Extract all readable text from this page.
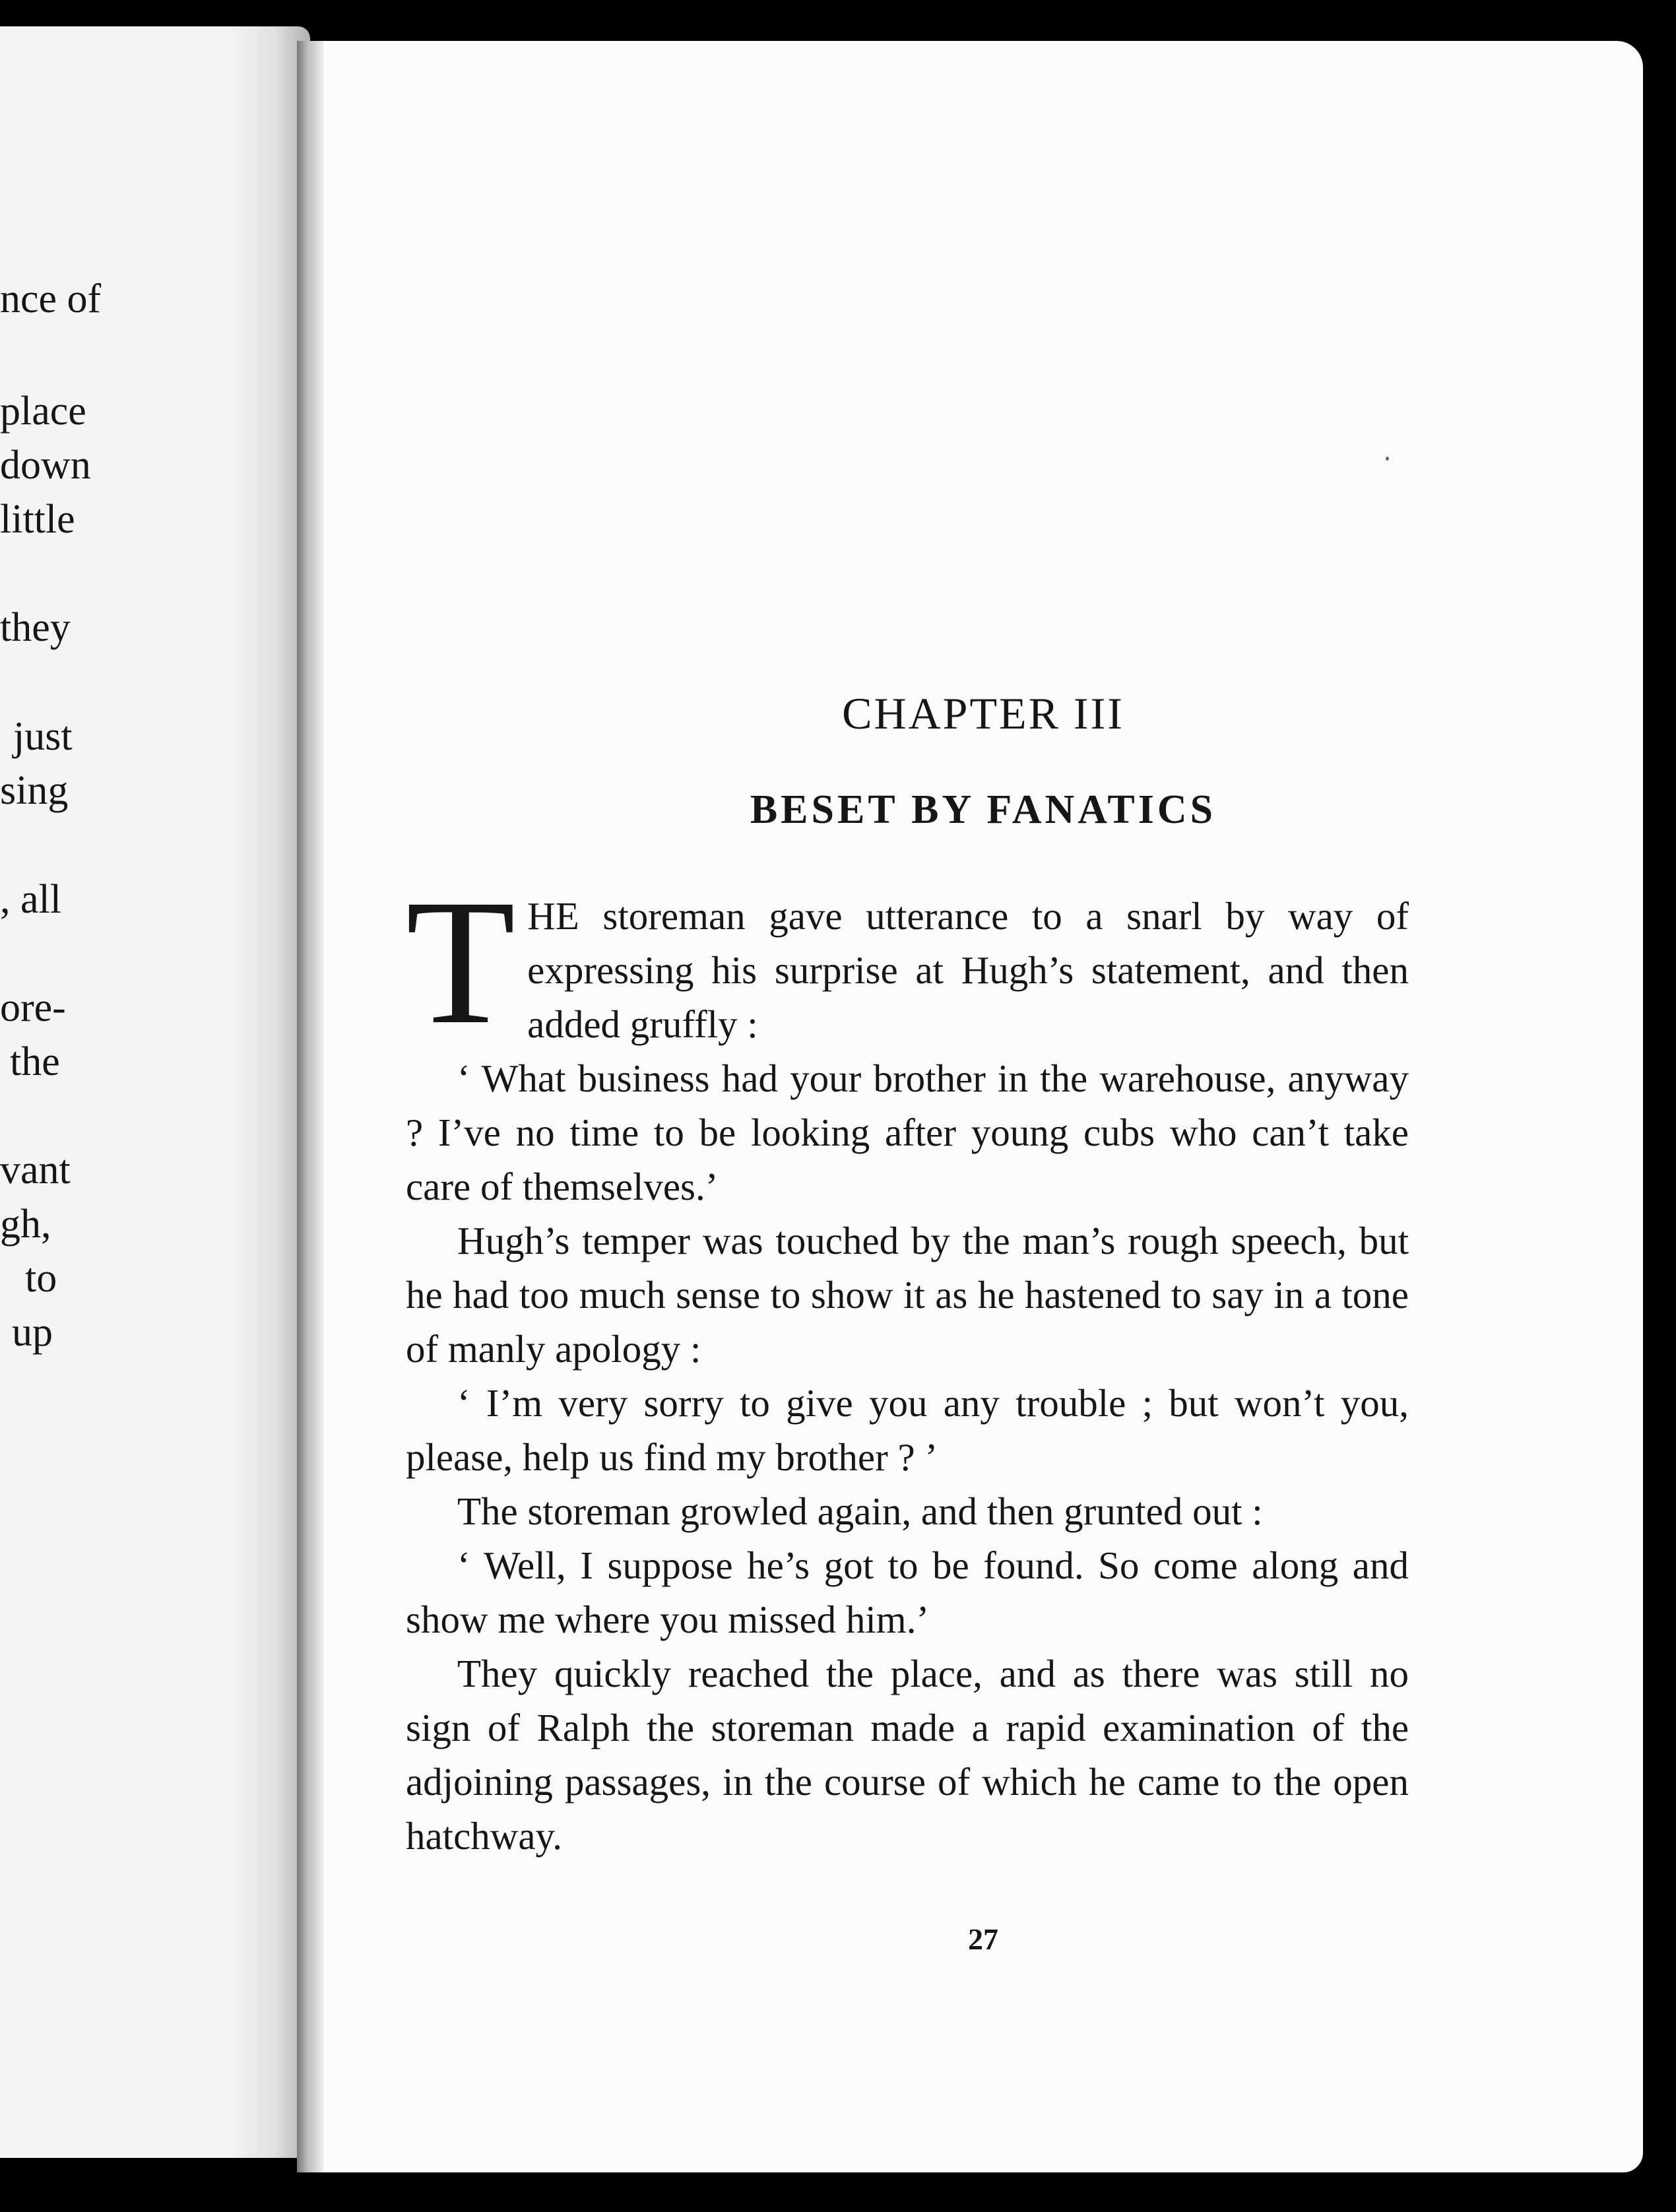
nce of
place
down
little
they
just
sing
, all
ore-
the
vant
gh,
to
up
CHAPTER III
BESET BY FANATICS

T HE storeman gave utterance to a snarl by way of expressing his surprise at Hugh’s statement, and then added gruffly :

‘ What business had your brother in the warehouse, anyway ? I’ve no time to be looking after young cubs who can’t take care of themselves.’

Hugh’s temper was touched by the man’s rough speech, but he had too much sense to show it as he hastened to say in a tone of manly apology :

‘ I’m very sorry to give you any trouble ; but won’t you, please, help us find my brother ? ’

The storeman growled again, and then grunted out :

‘ Well, I suppose he’s got to be found. So come along and show me where you missed him.’

They quickly reached the place, and as there was still no sign of Ralph the storeman made a rapid examination of the adjoining passages, in the course of which he came to the open hatchway.

27
